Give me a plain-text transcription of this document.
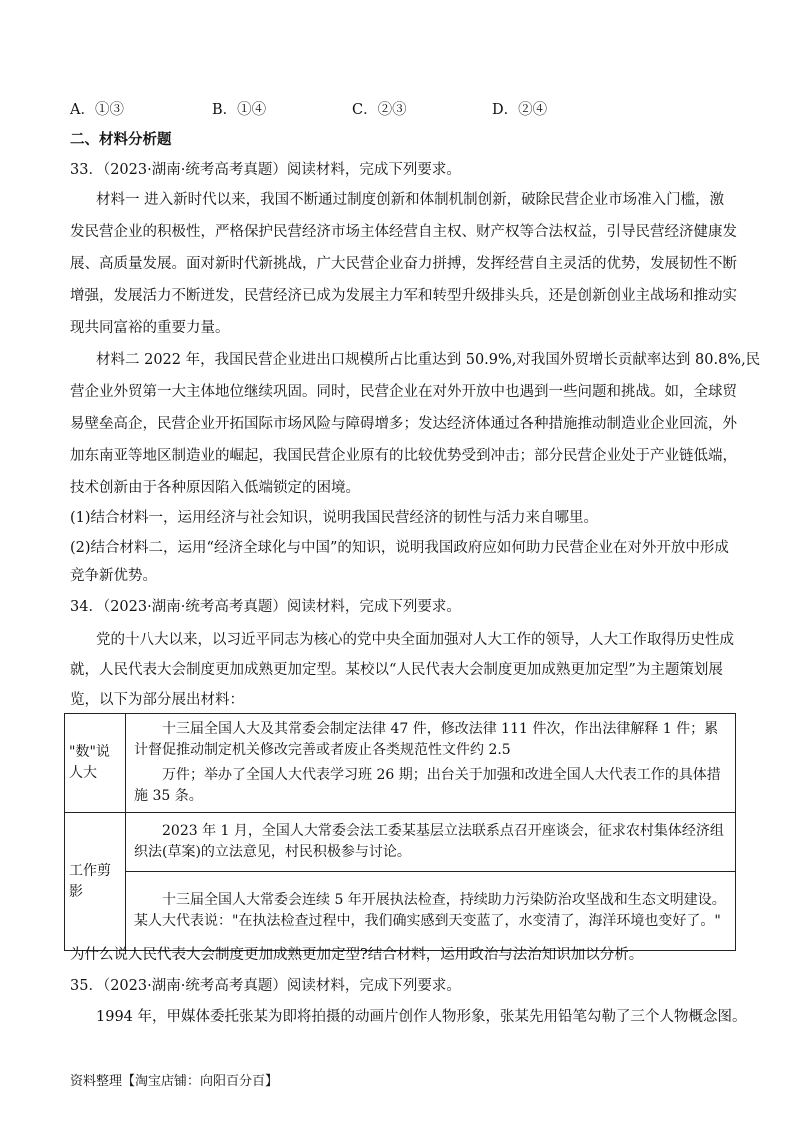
A．①③	B．①④	C．②③	D．②④
二、材料分析题
33．（2023·湖南·统考高考真题）阅读材料，完成下列要求。
材料一 进入新时代以来，我国不断通过制度创新和体制机制创新，破除民营企业市场准入门槛，激
发民营企业的积极性，严格保护民营经济市场主体经营自主权、财产权等合法权益，引导民营经济健康发
展、高质量发展。面对新时代新挑战，广大民营企业奋力拼搏，发挥经营自主灵活的优势，发展韧性不断
增强，发展活力不断迸发，民营经济已成为发展主力军和转型升级排头兵，还是创新创业主战场和推动实
现共同富裕的重要力量。
材料二 2022 年，我国民营企业进出口规模所占比重达到 50.9%,对我国外贸增长贡献率达到 80.8%,民
营企业外贸第一大主体地位继续巩固。同时，民营企业在对外开放中也遇到一些问题和挑战。如，全球贸
易壁垒高企，民营企业开拓国际市场风险与障碍增多；发达经济体通过各种措施推动制造业企业回流，外
加东南亚等地区制造业的崛起，我国民营企业原有的比较优势受到冲击；部分民营企业处于产业链低端，
技术创新由于各种原因陷入低端锁定的困境。
(1)结合材料一，运用经济与社会知识，说明我国民营经济的韧性与活力来自哪里。
(2)结合材料二，运用“经济全球化与中国”的知识，说明我国政府应如何助力民营企业在对外开放中形成
竞争新优势。
34．（2023·湖南·统考高考真题）阅读材料，完成下列要求。
党的十八大以来，以习近平同志为核心的党中央全面加强对人大工作的领导，人大工作取得历史性成
就，人民代表大会制度更加成熟更加定型。某校以“人民代表大会制度更加成熟更加定型”为主题策划展
览，以下为部分展出材料：
"数"说人大	十三届全国人大及其常委会制定法律 47 件，修改法律 111 件次，作出法律解释 1 件；累计督促推动制定机关修改完善或者废止各类规范性文件约 2.5

万件；举办了全国人大代表学习班 26 期；出台关于加强和改进全国人大代表工作的具体措施 35 条。

工作剪影	2023 年 1 月，全国人大常委会法工委某基层立法联系点召开座谈会，征求农村集体经济组织法(草案)的立法意见，村民积极参与讨论。

	十三届全国人大常委会连续 5 年开展执法检查，持续助力污染防治攻坚战和生态文明建设。某人大代表说："在执法检查过程中，我们确实感到天变蓝了，水变清了，海洋环境也变好了。"

为什么说人民代表大会制度更加成熟更加定型?结合材料，运用政治与法治知识加以分析。
35．（2023·湖南·统考高考真题）阅读材料，完成下列要求。
1994 年，甲媒体委托张某为即将拍摄的动画片创作人物形象，张某先用铅笔勾勒了三个人物概念图。
资料整理【淘宝店铺：向阳百分百】
